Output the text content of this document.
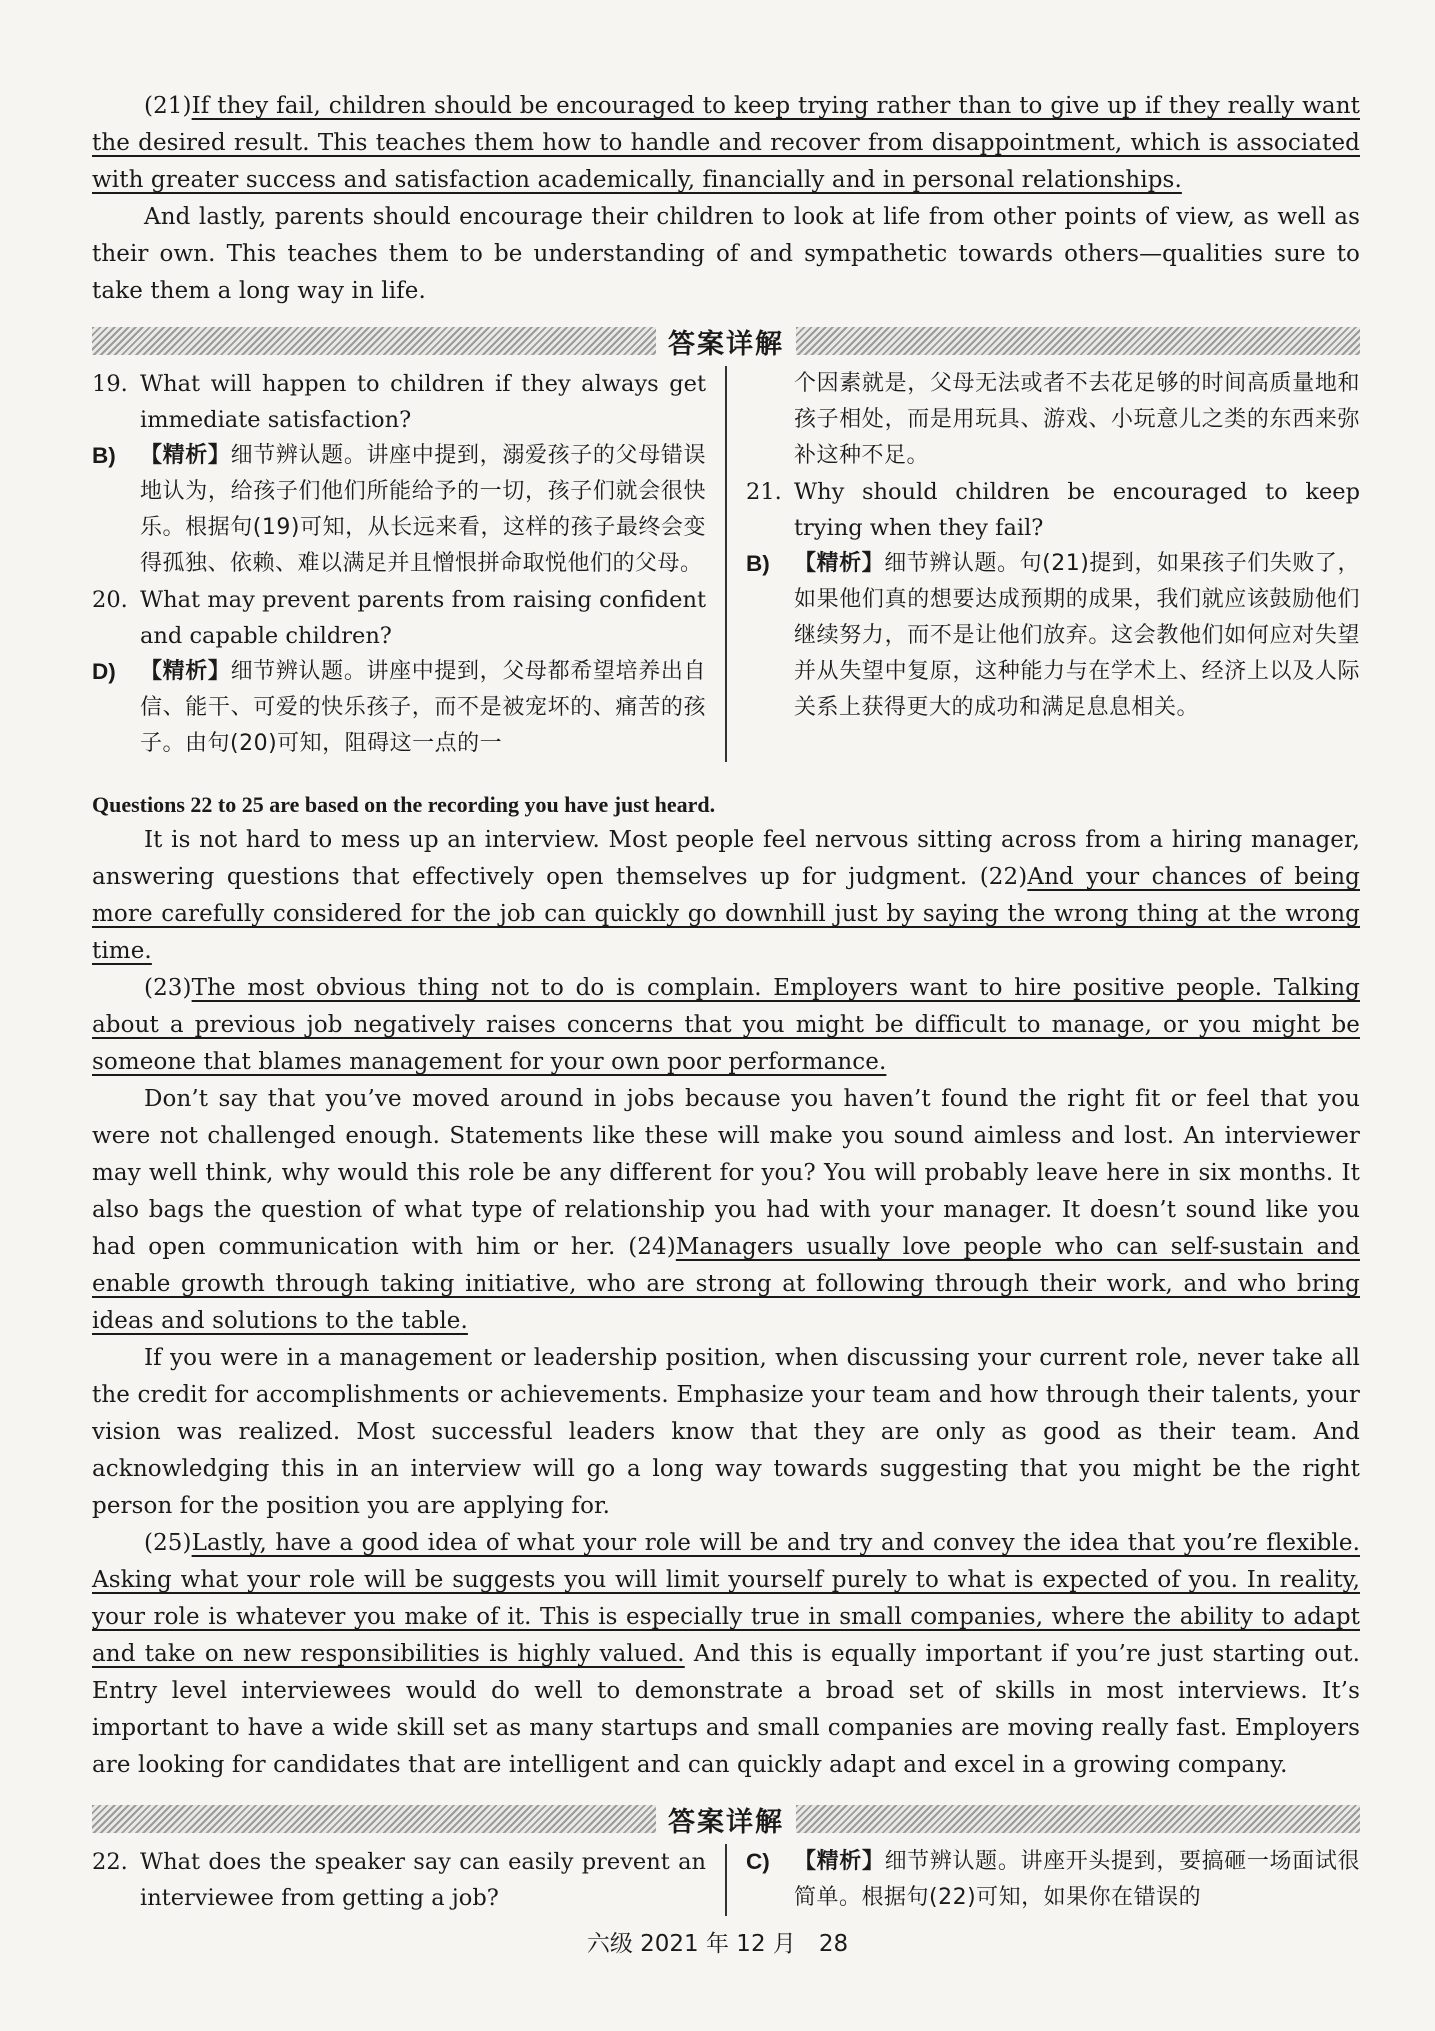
(21)If they fail, children should be encouraged to keep trying rather than to give up if they really want the desired result. This teaches them how to handle and recover from disappointment, which is associated with greater success and satisfaction academically, financially and in personal relationships.

And lastly, parents should encourage their children to look at life from other points of view, as well as their own. This teaches them to be understanding of and sympathetic towards others—qualities sure to take them a long way in life.

答案详解
19. What will happen to children if they always get immediate satisfaction?
B)	【精析】细节辨认题。讲座中提到，溺爱孩子的父母错误地认为，给孩子们他们所能给予的一切，孩子们就会很快乐。根据句(19)可知，从长远来看，这样的孩子最终会变得孤独、依赖、难以满足并且憎恨拼命取悦他们的父母。
20. What may prevent parents from raising confident and capable children?
D)	【精析】细节辨认题。讲座中提到，父母都希望培养出自信、能干、可爱的快乐孩子，而不是被宠坏的、痛苦的孩子。由句(20)可知，阻碍这一点的一

个因素就是，父母无法或者不去花足够的时间高质量地和孩子相处，而是用玩具、游戏、小玩意儿之类的东西来弥补这种不足。

21. Why should children be encouraged to keep trying when they fail?
B)	【精析】细节辨认题。句(21)提到，如果孩子们失败了，如果他们真的想要达成预期的成果，我们就应该鼓励他们继续努力，而不是让他们放弃。这会教他们如何应对失望并从失望中复原，这种能力与在学术上、经济上以及人际关系上获得更大的成功和满足息息相关。

Questions 22 to 25 are based on the recording you have just heard.

It is not hard to mess up an interview. Most people feel nervous sitting across from a hiring manager, answering questions that effectively open themselves up for judgment. (22)And your chances of being more carefully considered for the job can quickly go downhill just by saying the wrong thing at the wrong time.

(23)The most obvious thing not to do is complain. Employers want to hire positive people. Talking about a previous job negatively raises concerns that you might be difficult to manage, or you might be someone that blames management for your own poor performance.

Don’t say that you’ve moved around in jobs because you haven’t found the right fit or feel that you were not challenged enough. Statements like these will make you sound aimless and lost. An interviewer may well think, why would this role be any different for you? You will probably leave here in six months. It also bags the question of what type of relationship you had with your manager. It doesn’t sound like you had open communication with him or her. (24)Managers usually love people who can self-sustain and enable growth through taking initiative, who are strong at following through their work, and who bring ideas and solutions to the table.

If you were in a management or leadership position, when discussing your current role, never take all the credit for accomplishments or achievements. Emphasize your team and how through their talents, your vision was realized. Most successful leaders know that they are only as good as their team. And acknowledging this in an interview will go a long way towards suggesting that you might be the right person for the position you are applying for.

(25)Lastly, have a good idea of what your role will be and try and convey the idea that you’re flexible. Asking what your role will be suggests you will limit yourself purely to what is expected of you. In reality, your role is whatever you make of it. This is especially true in small companies, where the ability to adapt and take on new responsibilities is highly valued. And this is equally important if you’re just starting out. Entry level interviewees would do well to demonstrate a broad set of skills in most interviews. It’s important to have a wide skill set as many startups and small companies are moving really fast. Employers are looking for candidates that are intelligent and can quickly adapt and excel in a growing company.

答案详解
22. What does the speaker say can easily prevent an interviewee from getting a job?
C)	【精析】细节辨认题。讲座开头提到，要搞砸一场面试很简单。根据句(22)可知，如果你在错误的
六级 2021 年 12 月　28
